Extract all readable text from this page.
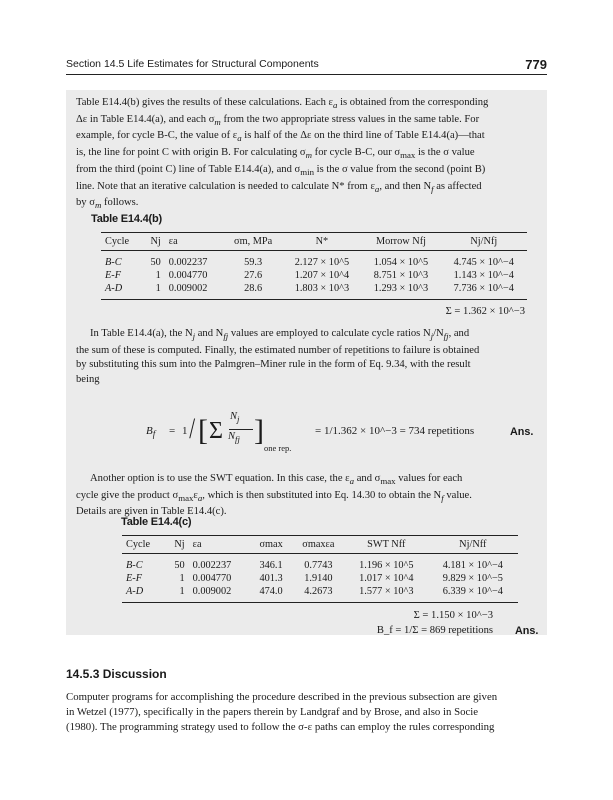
Section 14.5 Life Estimates for Structural Components	779

Table E14.4(b) gives the results of these calculations. Each $\varepsilon_a$ is obtained from the corresponding

Δε in Table E14.4(a), and each $\sigma_m$ from the two appropriate stress values in the same table. For

example, for cycle B-C, the value of $\varepsilon_a$ is half of the Δε on the third line of Table E14.4(a)—that

is, the line for point C with origin B. For calculating $\sigma_m$ for cycle B-C, our $\sigma_{max}$ is the σ value

from the third (point C) line of Table E14.4(a), and $\sigma_{min}$ is the σ value from the second (point B)

line. Note that an iterative calculation is needed to calculate N* from $\varepsilon_a$, and then $N_f$ as affected

by $\sigma_m$ follows.

Table E14.4(b)
Cycle	Nj	εa	σm, MPa	N*	Morrow Nfj	Nj/Nfj
B-C	50	0.002237	59.3	2.127 × 10^5	1.054 × 10^5	4.745 × 10^−4
E-F	1	0.004770	27.6	1.207 × 10^4	8.751 × 10^3	1.143 × 10^−4
A-D	1	0.009002	28.6	1.803 × 10^3	1.293 × 10^3	7.736 × 10^−4
Σ = 1.362 × 10^−3

In Table E14.4(a), the $N_j$ and $N_{fj}$ values are employed to calculate cycle ratios $N_j/N_{fj}$, and

the sum of these is computed. Finally, the estimated number of repetitions to failure is obtained

by substituting this sum into the Palmgren–Miner rule in the form of Eq. 9.34, with the result

being

$B_f = 1$ / [ Σ
$N_j$
$N_{fj}$ ]
one rep.
= 1/1.362 × 10^−3 = 734 repetitions	Ans.

Another option is to use the SWT equation. In this case, the $\varepsilon_a$ and $\sigma_{max}$ values for each

cycle give the product $\sigma_{max}\varepsilon_a$, which is then substituted into Eq. 14.30 to obtain the $N_f$ value.

Details are given in Table E14.4(c).

Table E14.4(c)
Cycle	Nj	εa	σmax	σmaxεa	SWT Nff	Nj/Nff
B-C	50	0.002237	346.1	0.7743	1.196 × 10^5	4.181 × 10^−4
E-F	1	0.004770	401.3	1.9140	1.017 × 10^4	9.829 × 10^−5
A-D	1	0.009002	474.0	4.2673	1.577 × 10^3	6.339 × 10^−4
Σ = 1.150 × 10^−3
B_f = 1/Σ = 869 repetitions Ans.
14.5.3 Discussion
Computer programs for accomplishing the procedure described in the previous subsection are given
in Wetzel (1977), specifically in the papers therein by Landgraf and by Brose, and also in Socie
(1980). The programming strategy used to follow the σ-ε paths can employ the rules corresponding
